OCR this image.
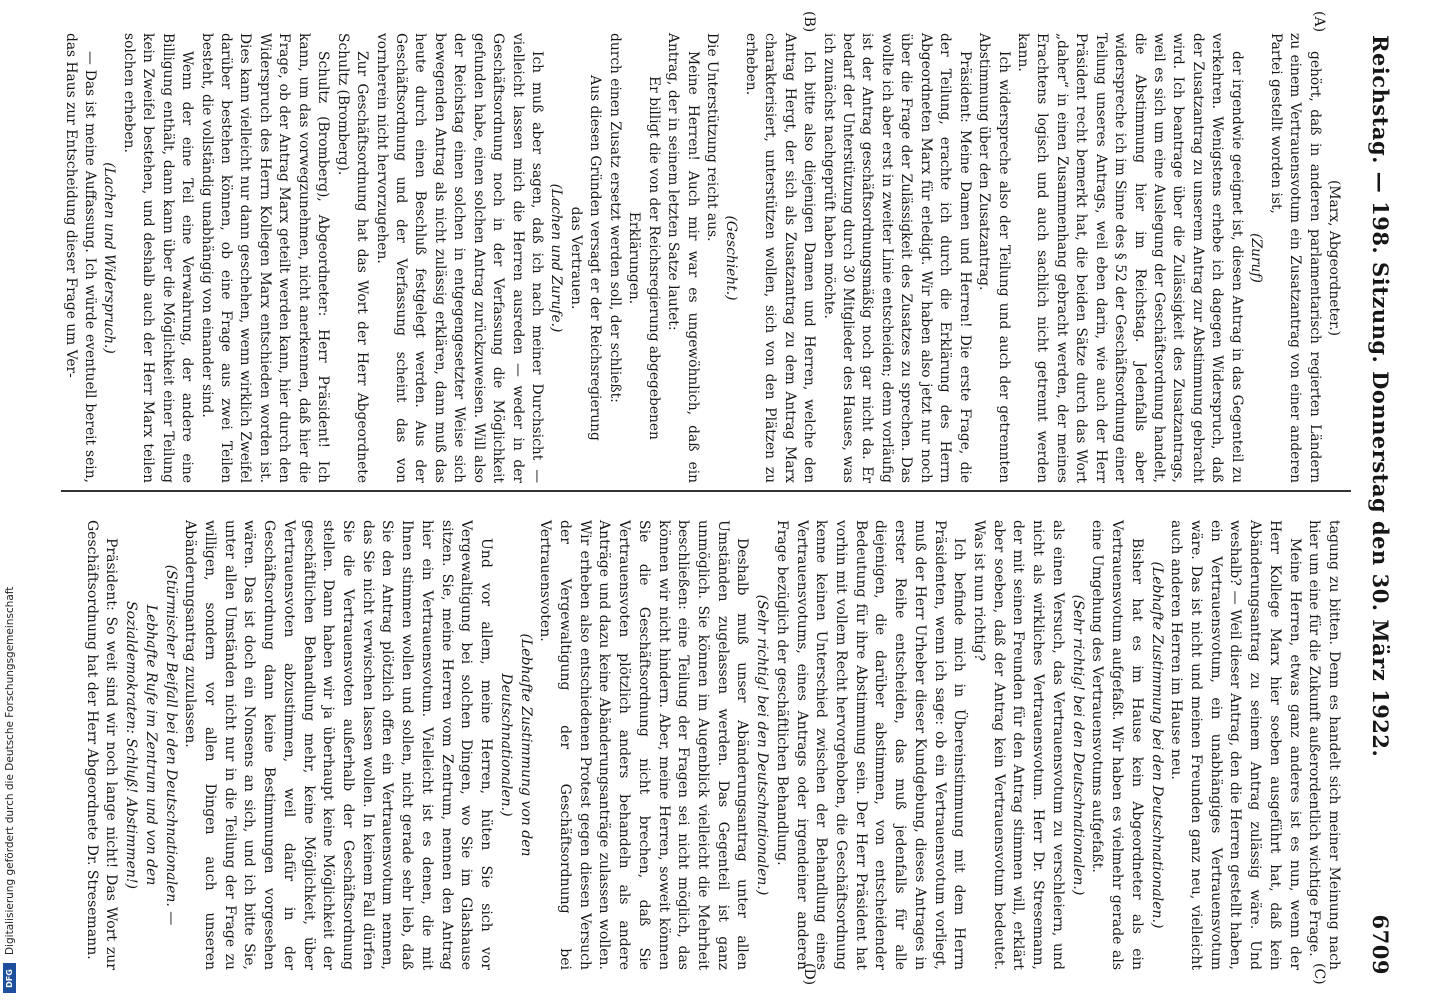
Reichstag. — 198. Sitzung. Donnerstag den 30. März 1922.
6709
(A)
(B)
(C)
(D)

(Marx, Abgeordneter.)

gehört, daß in anderen parlamentarisch regierten Ländern zu einem Vertrauensvotum ein Zusatzantrag von einer anderen Partei gestellt worden ist,

(Zuruf)

der irgendwie geeignet ist, diesen Antrag in das Gegenteil zu verkehren. Wenigstens erhebe ich dagegen Widerspruch, daß der Zusatzantrag zu unserem Antrag zur Abstimmung gebracht wird. Ich beantrage über die Zulässigkeit des Zusatzantrags, weil es sich um eine Auslegung der Geschäftsordnung handelt, die Abstimmung hier im Reichstag. Jedenfalls aber widerspreche ich im Sinne des § 52 der Geschäftsordnung einer Teilung unseres Antrags, weil eben darin, wie auch der Herr Präsident recht bemerkt hat, die beiden Sätze durch das Wort „daher“ in einen Zusammenhang gebracht werden, der meines Erachtens logisch und auch sachlich nicht getrennt werden kann.

Ich widerspreche also der Teilung und auch der getrennten Abstimmung über den Zusatzantrag.

Präsident: Meine Damen und Herren! Die erste Frage, die der Teilung, erachte ich durch die Erklärung des Herrn Abgeordneten Marx für erledigt. Wir haben also jetzt nur noch über die Frage der Zulässigkeit des Zusatzes zu sprechen. Das wollte ich aber erst in zweiter Linie entscheiden; denn vorläufig ist der Antrag geschäftsordnungsmäßig noch gar nicht da. Er bedarf der Unterstützung durch 30 Mitglieder des Hauses, was ich zunächst nachgeprüft haben möchte.

Ich bitte also diejenigen Damen und Herren, welche den Antrag Hergt, der sich als Zusatzantrag zu dem Antrag Marx charakterisiert, unterstützen wollen, sich von den Plätzen zu erheben.

(Geschieht.)

Die Unterstützung reicht aus.

Meine Herren! Auch mir war es ungewöhnlich, daß ein Antrag, der in seinem letzten Satze lautet:

Er billigt die von der Reichsregierung abgegebenen Erklärungen.

durch einen Zusatz ersetzt werden soll, der schließt:

Aus diesen Gründen versagt er der Reichsregierung das Vertrauen.

(Lachen und Zurufe.)

Ich muß aber sagen, daß ich nach meiner Durchsicht — vielleicht lassen mich die Herren ausreden — weder in der Geschäftsordnung noch in der Verfassung die Möglichkeit gefunden habe, einen solchen Antrag zurückzuweisen. Will also der Reichstag einen solchen in entgegengesetzter Weise sich bewegenden Antrag als nicht zulässig erklären, dann muß das heute durch einen Beschluß festgelegt werden. Aus der Geschäftsordnung und der Verfassung scheint das von vornherein nicht hervorzugehen.

Zur Geschäftsordnung hat das Wort der Herr Abgeordnete Schultz (Bromberg).

Schultz (Bromberg), Abgeordneter: Herr Präsident! Ich kann, um das vorwegzunehmen, nicht anerkennen, daß hier die Frage, ob der Antrag Marx geteilt werden kann, hier durch den Widerspruch des Herrn Kollegen Marx entschieden worden ist. Dies kann vielleicht nur dann geschehen, wenn wirklich Zweifel darüber bestehen können, ob eine Frage aus zwei Teilen besteht, die vollständig unabhängig von einander sind.

Wenn der eine Teil eine Verwahrung, der andere eine Billigung enthält, dann kann über die Möglichkeit einer Teilung kein Zweifel bestehen, und deshalb auch der Herr Marx teilen solchen erheben.

(Lachen und Widerspruch.)

— Das ist meine Auffassung. Ich würde eventuell bereit sein, das Haus zur Entscheidung dieser Frage um Ver-

tagung zu bitten. Denn es handelt sich meiner Meinung nach hier um eine für die Zukunft außerordentlich wichtige Frage.

Meine Herren, etwas ganz anderes ist es nun, wenn der Herr Kollege Marx hier soeben ausgeführt hat, daß kein Abänderungsantrag zu seinem Antrag zulässig wäre. Und weshalb? — Weil dieser Antrag, den die Herren gestellt haben, ein Vertrauensvotum, ein unabhängiges Vertrauensvotum wäre. Das ist nicht und meinen Freunden ganz neu, vielleicht auch anderen Herren im Hause neu.

(Lebhafte Zustimmung bei den Deutschnationalen.)

Bisher hat es im Hause kein Abgeordneter als ein Vertrauensvotum aufgefaßt. Wir haben es vielmehr gerade als eine Umgehung des Vertrauensvotums aufgefaßt.

(Sehr richtig! bei den Deutschnationalen.)

als einen Versuch, das Vertrauensvotum zu verschleiern, und nicht als wirkliches Vertrauensvotum. Herr Dr. Stresemann, der mit seinen Freunden für den Antrag stimmen will, erklärt aber soeben, daß der Antrag kein Vertrauensvotum bedeutet. Was ist nun richtig?

Ich befinde mich in Übereinstimmung mit dem Herrn Präsidenten, wenn ich sage: ob ein Vertrauensvotum vorliegt, muß der Herr Urheber dieser Kundgebung, dieses Antrages in erster Reihe entscheiden, das muß jedenfalls für alle diejenigen, die darüber abstimmen, von entscheidender Bedeutung für ihre Abstimmung sein. Der Herr Präsident hat vorhin mit vollem Recht hervorgehoben, die Geschäftsordnung kenne keinen Unterschied zwischen der Behandlung eines Vertrauensvotums, eines Antrags oder irgendeiner anderen Frage bezüglich der geschäftlichen Behandlung.

(Sehr richtig! bei den Deutschnationalen.)

Deshalb muß unser Abänderungsantrag unter allen Umständen zugelassen werden. Das Gegenteil ist ganz unmöglich. Sie können im Augenblick vielleicht die Mehrheit beschließen: eine Teilung der Fragen sei nicht möglich, das können wir nicht hindern. Aber, meine Herren, soweit können Sie die Geschäftsordnung nicht brechen, daß Sie Vertrauensvoten plötzlich anders behandeln als andere Anträge und dazu keine Abänderungsanträge zulassen wollen. Wir erheben also entschiedenen Protest gegen diesen Versuch der Vergewaltigung der Geschäftsordnung bei Vertrauensvoten.

(Lebhafte Zustimmung von den Deutschnationalen.)

Und vor allem, meine Herren, hüten Sie sich vor Vergewaltigung bei solchen Dingen, wo Sie im Glashause sitzen. Sie, meine Herren vom Zentrum, nennen den Antrag hier ein Vertrauensvotum. Vielleicht ist es denen, die mit Ihnen stimmen wollen und sollen, nicht gerade sehr lieb, daß Sie den Antrag plötzlich offen ein Vertrauensvotum nennen, das Sie nicht verwischen lassen wollen. In keinem Fall dürfen Sie die Vertrauensvoten außerhalb der Geschäftsordnung stellen. Dann haben wir ja überhaupt keine Möglichkeit der geschäftlichen Behandlung mehr, keine Möglichkeit, über Vertrauensvoten abzustimmen, weil dafür in der Geschäftsordnung dann keine Bestimmungen vorgesehen wären. Das ist doch ein Nonsens an sich, und ich bitte Sie, unter allen Umständen nicht nur in die Teilung der Frage zu willigen, sondern vor allen Dingen auch unseren Abänderungsantrag zuzulassen.

(Stürmischer Beifall bei den Deutschnationalen. — Lebhafte Rufe im Zentrum und von den Sozialdemokraten: Schluß! Abstimmen!)

Präsident: So weit sind wir noch lange nicht! Das Wort zur Geschäftsordnung hat der Herr Abgeordnete Dr. Stresemann.

Digitalisierung gefördert durch die Deutsche Forschungsgemeinschaft
DFG
